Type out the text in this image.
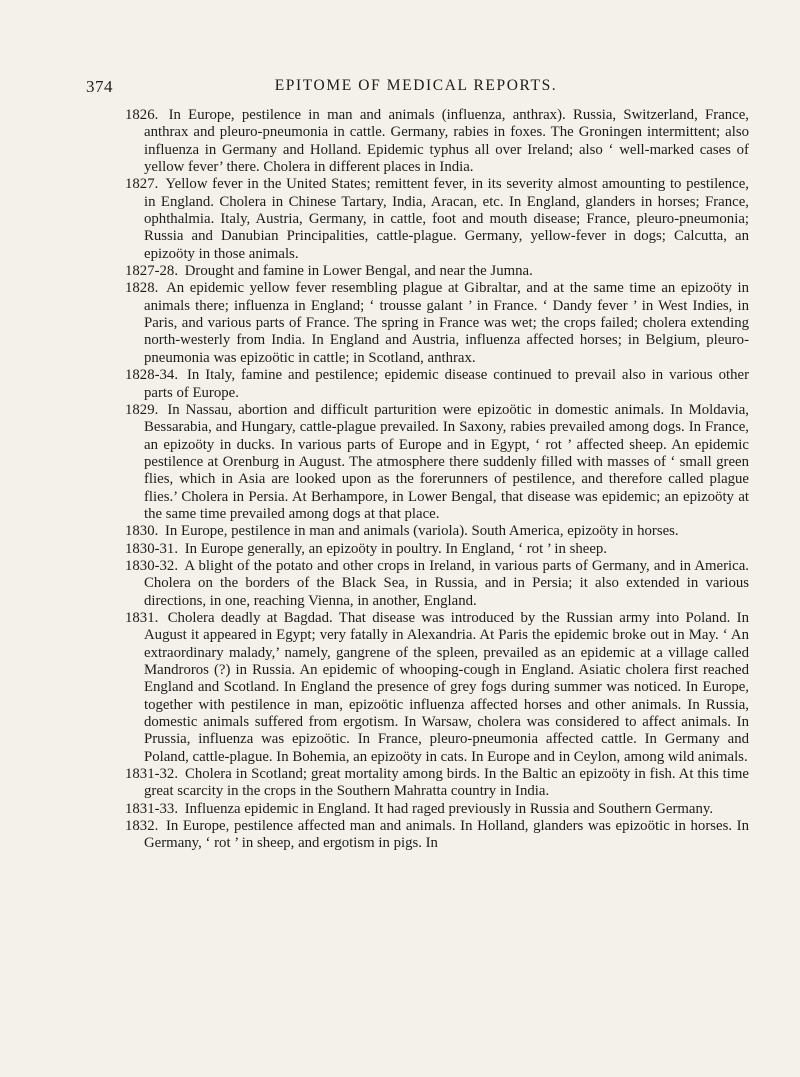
374	EPITOME OF MEDICAL REPORTS.

1826. In Europe, pestilence in man and animals (influenza, anthrax). Russia, Switzerland, France, anthrax and pleuro-pneumonia in cattle. Germany, rabies in foxes. The Groningen intermittent; also influenza in Germany and Holland. Epidemic typhus all over Ireland; also ‘ well-marked cases of yellow fever’ there. Cholera in different places in India.

1827. Yellow fever in the United States; remittent fever, in its severity almost amounting to pestilence, in England. Cholera in Chinese Tartary, India, Aracan, etc. In England, glanders in horses; France, ophthalmia. Italy, Austria, Germany, in cattle, foot and mouth disease; France, pleuro-pneumonia; Russia and Danubian Principalities, cattle-plague. Germany, yellow-fever in dogs; Calcutta, an epizoöty in those animals.

1827-28. Drought and famine in Lower Bengal, and near the Jumna.

1828. An epidemic yellow fever resembling plague at Gibraltar, and at the same time an epizoöty in animals there; influenza in England; ‘ trousse galant ’ in France. ‘ Dandy fever ’ in West Indies, in Paris, and various parts of France. The spring in France was wet; the crops failed; cholera extending north-westerly from India. In England and Austria, influenza affected horses; in Belgium, pleuro-pneumonia was epizoötic in cattle; in Scotland, anthrax.

1828-34. In Italy, famine and pestilence; epidemic disease continued to prevail also in various other parts of Europe.

1829. In Nassau, abortion and difficult parturition were epizoötic in domestic animals. In Moldavia, Bessarabia, and Hungary, cattle-plague prevailed. In Saxony, rabies prevailed among dogs. In France, an epizoöty in ducks. In various parts of Europe and in Egypt, ‘ rot ’ affected sheep. An epidemic pestilence at Orenburg in August. The atmosphere there suddenly filled with masses of ‘ small green flies, which in Asia are looked upon as the forerunners of pestilence, and therefore called plague flies.’ Cholera in Persia. At Berhampore, in Lower Bengal, that disease was epidemic; an epizoöty at the same time prevailed among dogs at that place.

1830. In Europe, pestilence in man and animals (variola). South America, epizoöty in horses.

1830-31. In Europe generally, an epizoöty in poultry. In England, ‘ rot ’ in sheep.

1830-32. A blight of the potato and other crops in Ireland, in various parts of Germany, and in America. Cholera on the borders of the Black Sea, in Russia, and in Persia; it also extended in various directions, in one, reaching Vienna, in another, England.

1831. Cholera deadly at Bagdad. That disease was introduced by the Russian army into Poland. In August it appeared in Egypt; very fatally in Alexandria. At Paris the epidemic broke out in May. ‘ An extraordinary malady,’ namely, gangrene of the spleen, prevailed as an epidemic at a village called Mandroros (?) in Russia. An epidemic of whooping-cough in England. Asiatic cholera first reached England and Scotland. In England the presence of grey fogs during summer was noticed. In Europe, together with pestilence in man, epizoötic influenza affected horses and other animals. In Russia, domestic animals suffered from ergotism. In Warsaw, cholera was considered to affect animals. In Prussia, influenza was epizoötic. In France, pleuro-pneumonia affected cattle. In Germany and Poland, cattle-plague. In Bohemia, an epizoöty in cats. In Europe and in Ceylon, among wild animals.

1831-32. Cholera in Scotland; great mortality among birds. In the Baltic an epizoöty in fish. At this time great scarcity in the crops in the Southern Mahratta country in India.

1831-33. Influenza epidemic in England. It had raged previously in Russia and Southern Germany.

1832. In Europe, pestilence affected man and animals. In Holland, glanders was epizoötic in horses. In Germany, ‘ rot ’ in sheep, and ergotism in pigs. In
